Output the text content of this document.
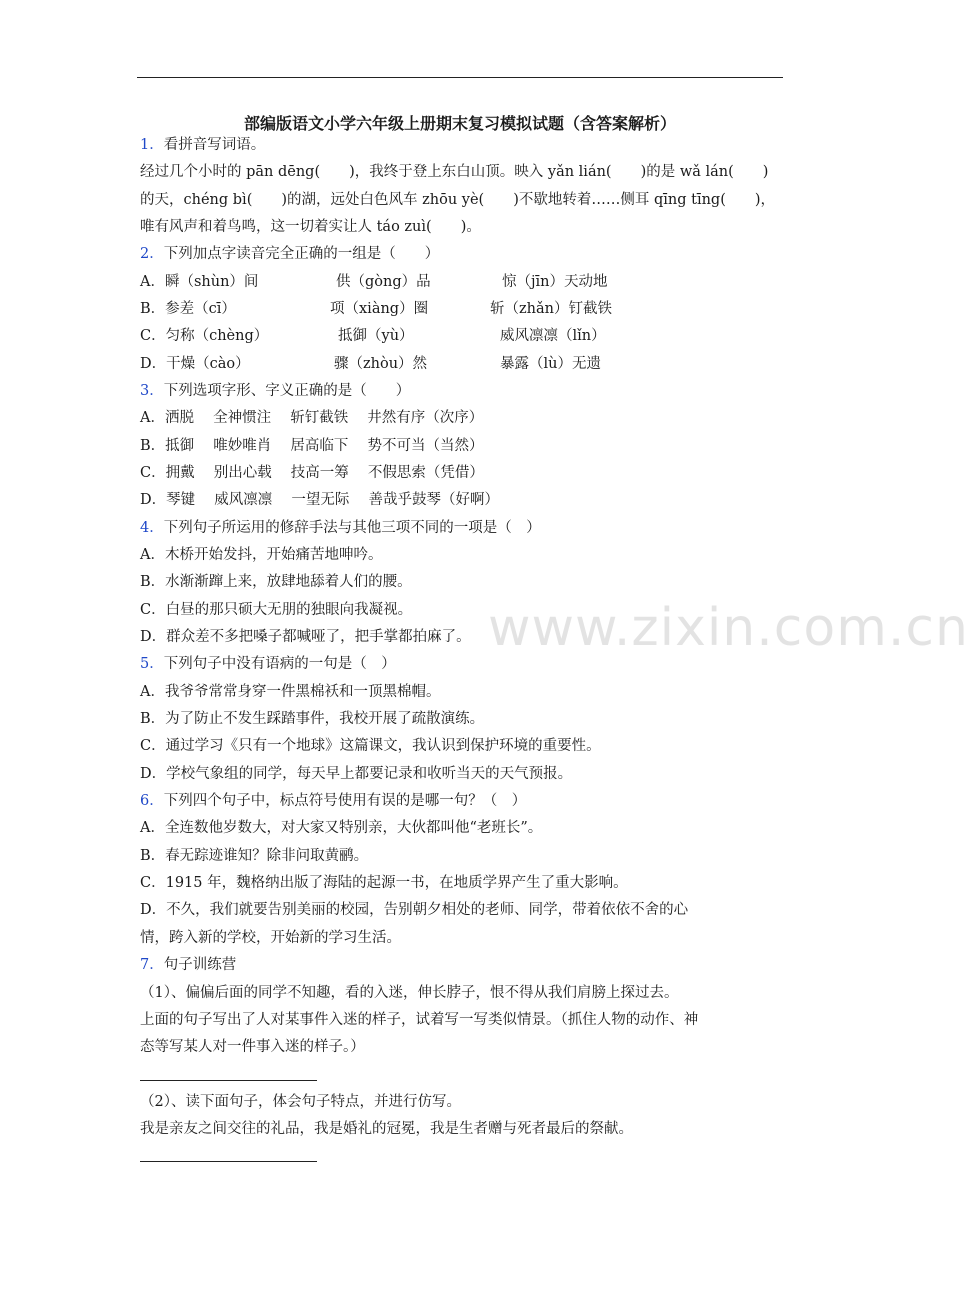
部编版语文小学六年级上册期末复习模拟试题（含答案解析）
www.zixin.com.cn
1．看拼音写词语。
经过几个小时的 pān dēng(　　)，我终于登上东白山顶。映入 yǎn lián(　　)的是 wǎ lán(　　)
的天，chéng bì(　　)的湖，远处白色风车 zhōu yè(　　)不歇地转着……侧耳 qīng tīng(　　)，
唯有风声和着鸟鸣，这一切着实让人 táo zuì(　　)。
2．下列加点字读音完全正确的一组是（　　）
A．瞬（shùn）间	供（gòng）品	惊（jīn）天动地
B．参差（cī）	项（xiàng）圈	斩（zhǎn）钉截铁
C．匀称（chèng）	抵御（yù）	威风凛凛（lǐn）
D．干燥（cào）	骤（zhòu）然	暴露（lù）无遗
3．下列选项字形、字义正确的是（　　）
A．洒脱　 全神惯注　 斩钉截铁　 井然有序（次序）
B．抵御　 唯妙唯肖　 居高临下　 势不可当（当然）
C．拥戴　 别出心载　 技高一筹　 不假思索（凭借）
D．琴键　 威风凛凛　 一望无际　 善哉乎鼓琴（好啊）
4．下列句子所运用的修辞手法与其他三项不同的一项是（　）
A．木桥开始发抖，开始痛苦地呻吟。
B．水渐渐蹿上来，放肆地舔着人们的腰。
C．白昼的那只硕大无朋的独眼向我凝视。
D．群众差不多把嗓子都喊哑了，把手掌都拍麻了。
5．下列句子中没有语病的一句是（　）
A．我爷爷常常身穿一件黑棉袄和一顶黑棉帽。
B．为了防止不发生踩踏事件，我校开展了疏散演练。
C．通过学习《只有一个地球》这篇课文，我认识到保护环境的重要性。
D．学校气象组的同学，每天早上都要记录和收听当天的天气预报。
6．下列四个句子中，标点符号使用有误的是哪一句？（　）
A．全连数他岁数大，对大家又特别亲，大伙都叫他“老班长”。
B．春无踪迹谁知？除非问取黄鹂。
C．1915 年，魏格纳出版了海陆的起源一书，在地质学界产生了重大影响。
D．不久，我们就要告别美丽的校园，告别朝夕相处的老师、同学，带着依依不舍的心
情，跨入新的学校，开始新的学习生活。
7．句子训练营
（1）、偏偏后面的同学不知趣，看的入迷，伸长脖子，恨不得从我们肩膀上探过去。
上面的句子写出了人对某事件入迷的样子，试着写一写类似情景。（抓住人物的动作、神
态等写某人对一件事入迷的样子。）
（2）、读下面句子，体会句子特点，并进行仿写。
我是亲友之间交往的礼品，我是婚礼的冠冕，我是生者赠与死者最后的祭献。
